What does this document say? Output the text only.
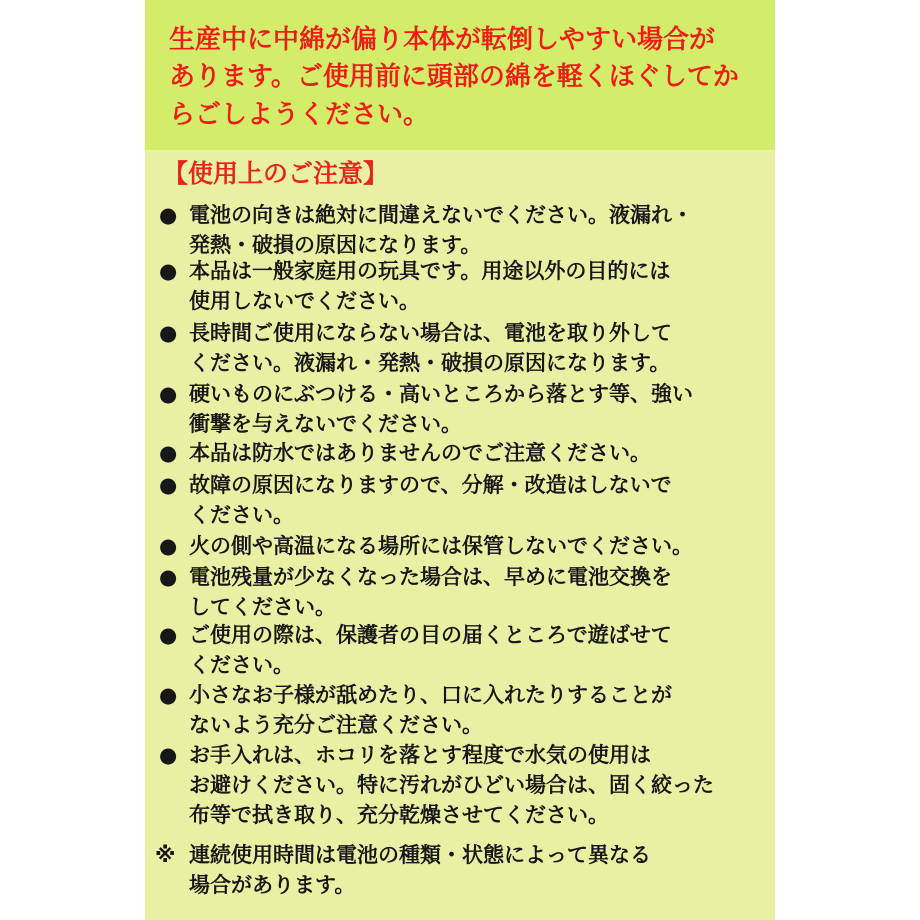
生産中に中綿が偏り本体が転倒しやすい場合が
あります。ご使用前に頭部の綿を軽くほぐしてか
らごしようください。
【使用上のご注意】
● 電池の向きは絶対に間違えないでください。液漏れ・
発熱・破損の原因になります。
● 本品は一般家庭用の玩具です。用途以外の目的には
使用しないでください。
● 長時間ご使用にならない場合は、電池を取り外して
ください。液漏れ・発熱・破損の原因になります。
● 硬いものにぶつける・高いところから落とす等、強い
衝撃を与えないでください。
● 本品は防水ではありませんのでご注意ください。
● 故障の原因になりますので、分解・改造はしないで
ください。
● 火の側や高温になる場所には保管しないでください。
● 電池残量が少なくなった場合は、早めに電池交換を
してください。
● ご使用の際は、保護者の目の届くところで遊ばせて
ください。
● 小さなお子様が舐めたり、口に入れたりすることが
ないよう充分ご注意ください。
● お手入れは、ホコリを落とす程度で水気の使用は
お避けください。特に汚れがひどい場合は、固く絞った
布等で拭き取り、充分乾燥させてください。
※ 連続使用時間は電池の種類・状態によって異なる
場合があります。
